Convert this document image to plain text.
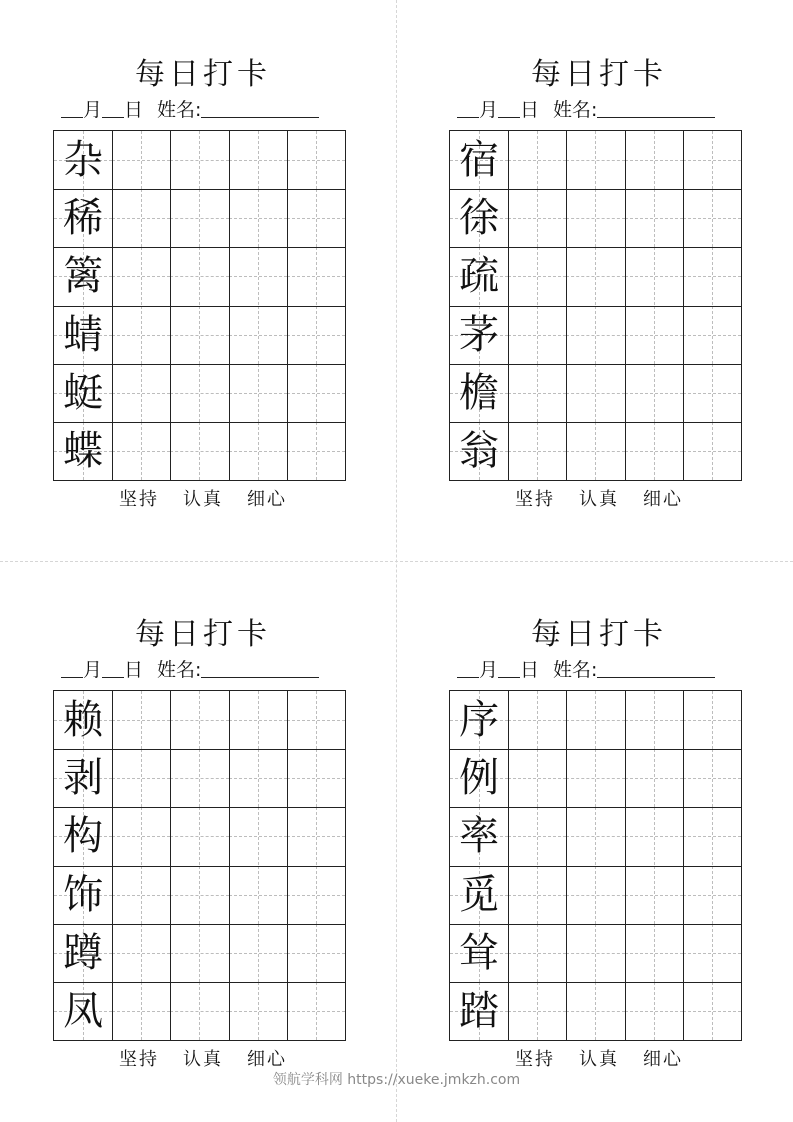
每日打卡
月 日 姓名:
杂
稀
篱
蜻
蜓
蝶
坚持 认真 细心
每日打卡
月 日 姓名:
宿
徐
疏
茅
檐
翁
坚持 认真 细心
每日打卡
月 日 姓名:
赖
剥
构
饰
蹲
凤
坚持 认真 细心
每日打卡
月 日 姓名:
序
例
率
觅
耸
踏
坚持 认真 细心
领航学科网 https://xueke.jmkzh.com
